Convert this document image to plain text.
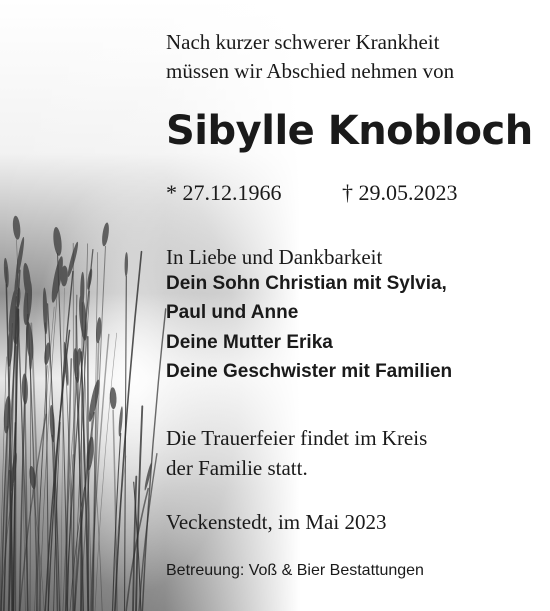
Nach kurzer schwerer Krankheit
müssen wir Abschied nehmen von
Sibylle Knobloch
* 27.12.1966	† 29.05.2023
In Liebe und Dankbarkeit
Dein Sohn Christian mit Sylvia,
Paul und Anne
Deine Mutter Erika
Deine Geschwister mit Familien
Die Trauerfeier findet im Kreis
der Familie statt.
Veckenstedt, im Mai 2023
Betreuung: Voß & Bier Bestattungen
